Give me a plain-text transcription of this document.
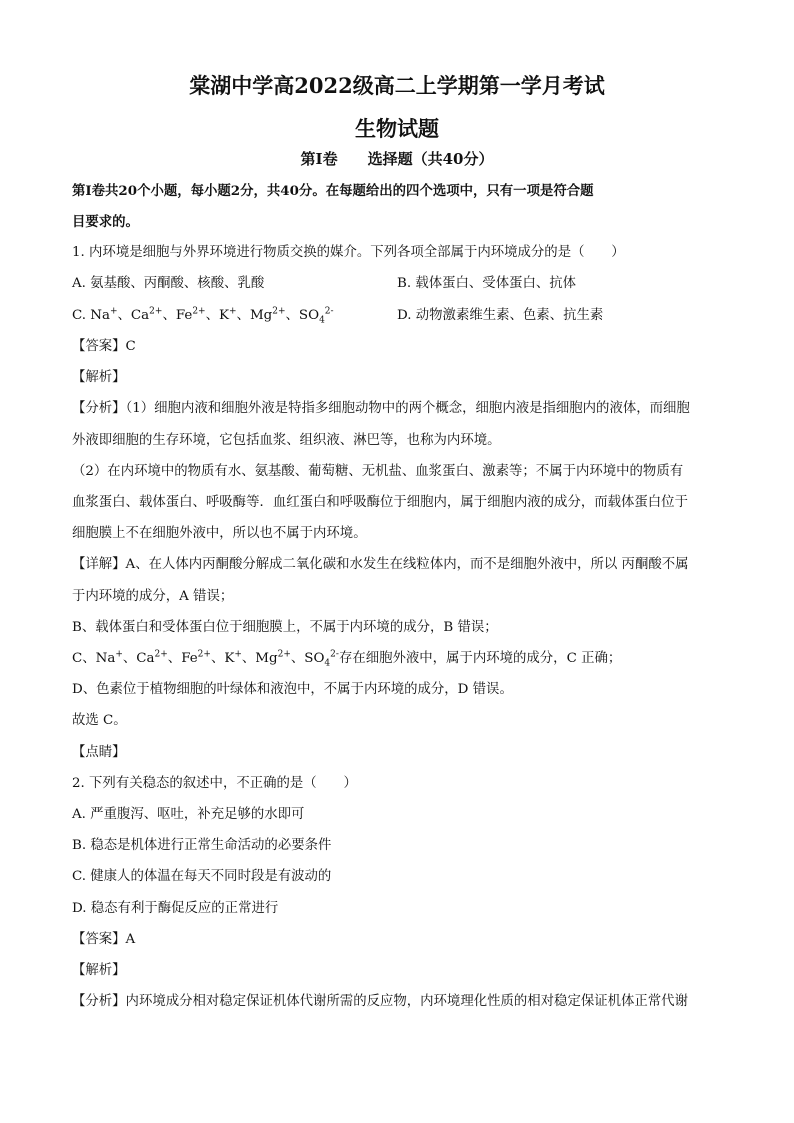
棠湖中学高2022级高二上学期第一学月考试
生物试题
第I卷　　选择题（共40分）
第I卷共20个小题，每小题2分，共40分。在每题给出的四个选项中，只有一项是符合题
目要求的。
1. 内环境是细胞与外界环境进行物质交换的媒介。下列各项全部属于内环境成分的是（　　）
A. 氨基酸、丙酮酸、核酸、乳酸	B. 载体蛋白、受体蛋白、抗体
C. Na+、$Ca^{2+}$、$Fe^{2+}$、K+、$Mg^{2+}$、$SO_4^{2-}$	D. 动物激素维生素、色素、抗生素
【答案】C
【解析】
【分析】（1）细胞内液和细胞外液是特指多细胞动物中的两个概念，细胞内液是指细胞内的液体，而细胞
外液即细胞的生存环境，它包括血浆、组织液、淋巴等，也称为内环境。
（2）在内环境中的物质有水、氨基酸、葡萄糖、无机盐、血浆蛋白、激素等；不属于内环境中的物质有
血浆蛋白、载体蛋白、呼吸酶等．血红蛋白和呼吸酶位于细胞内，属于细胞内液的成分，而载体蛋白位于
细胞膜上不在细胞外液中，所以也不属于内环境。
【详解】A、在人体内丙酮酸分解成二氧化碳和水发生在线粒体内，而不是细胞外液中，所以 丙酮酸不属
于内环境的成分，A 错误；
B、载体蛋白和受体蛋白位于细胞膜上，不属于内环境的成分，B 错误；
C、Na+、$Ca^{2+}$、$Fe^{2+}$、K+、$Mg^{2+}$、$SO_4^{2-}$存在细胞外液中，属于内环境的成分，C 正确；
D、色素位于植物细胞的叶绿体和液泡中，不属于内环境的成分，D 错误。
故选 C。
【点睛】
2. 下列有关稳态的叙述中，不正确的是（　　）
A. 严重腹泻、呕吐，补充足够的水即可
B. 稳态是机体进行正常生命活动的必要条件
C. 健康人的体温在每天不同时段是有波动的
D. 稳态有利于酶促反应的正常进行
【答案】A
【解析】
【分析】内环境成分相对稳定保证机体代谢所需的反应物，内环境理化性质的相对稳定保证机体正常代谢
